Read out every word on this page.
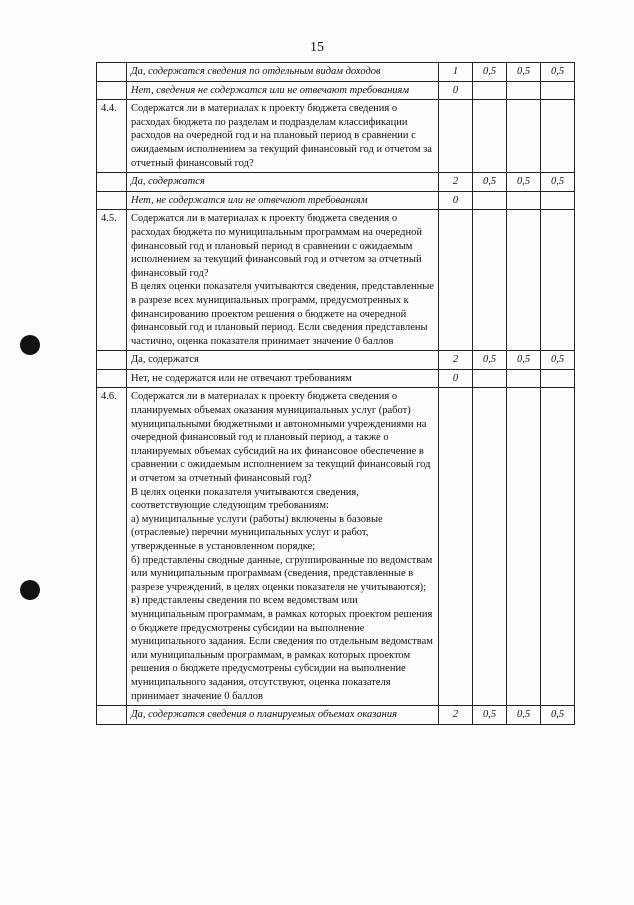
15
	Да, содержатся сведения по отдельным видам доходов	1	0,5	0,5	0,5
	Нет, сведения не содержатся или не отвечают требованиям	0			
4.4.	Содержатся ли в материалах к проекту бюджета сведения о расходах бюджета по разделам и подразделам классификации расходов на очередной год и на плановый период в сравнении с ожидаемым исполнением за текущий финансовый год и отчетом за отчетный финансовый год?				
	Да, содержатся	2	0,5	0,5	0,5
	Нет, не содержатся или не отвечают требованиям	0			
4.5.	Содержатся ли в материалах к проекту бюджета сведения о расходах бюджета по муниципальным программам на очередной финансовый год и плановый период в сравнении с ожидаемым исполнением за текущий финансовый год и отчетом за отчетный финансовый год?
В целях оценки показателя учитываются сведения, представленные в разрезе всех муниципальных программ, предусмотренных к финансированию проектом решения о бюджете на очередной финансовый год и плановый период. Если сведения представлены частично, оценка показателя принимает значение 0 баллов				
	Да, содержатся	2	0,5	0,5	0,5
	Нет, не содержатся или не отвечают требованиям	0			
4.6.	Содержатся ли в материалах к проекту бюджета сведения о планируемых объемах оказания муниципальных услуг (работ) муниципальными бюджетными и автономными учреждениями на очередной финансовый год и плановый период, а также о планируемых объемах субсидий на их финансовое обеспечение в сравнении с ожидаемым исполнением за текущий финансовый год и отчетом за отчетный финансовый год?
В целях оценки показателя учитываются сведения, соответствующие следующим требованиям:
а) муниципальные услуги (работы) включены в базовые (отраслевые) перечни муниципальных услуг и работ, утвержденные в установленном порядке;
б) представлены сводные данные, сгруппированные по ведомствам или муниципальным программам (сведения, представленные в разрезе учреждений, в целях оценки показателя не учитываются);
в) представлены сведения по всем ведомствам или муниципальным программам, в рамках которых проектом решения о бюджете предусмотрены субсидии на выполнение муниципального задания. Если сведения по отдельным ведомствам или муниципальным программам, в рамках которых проектом решения о бюджете предусмотрены субсидии на выполнение муниципального задания, отсутствуют, оценка показателя принимает значение 0 баллов				
	Да, содержатся сведения о планируемых объемах оказания	2	0,5	0,5	0,5
